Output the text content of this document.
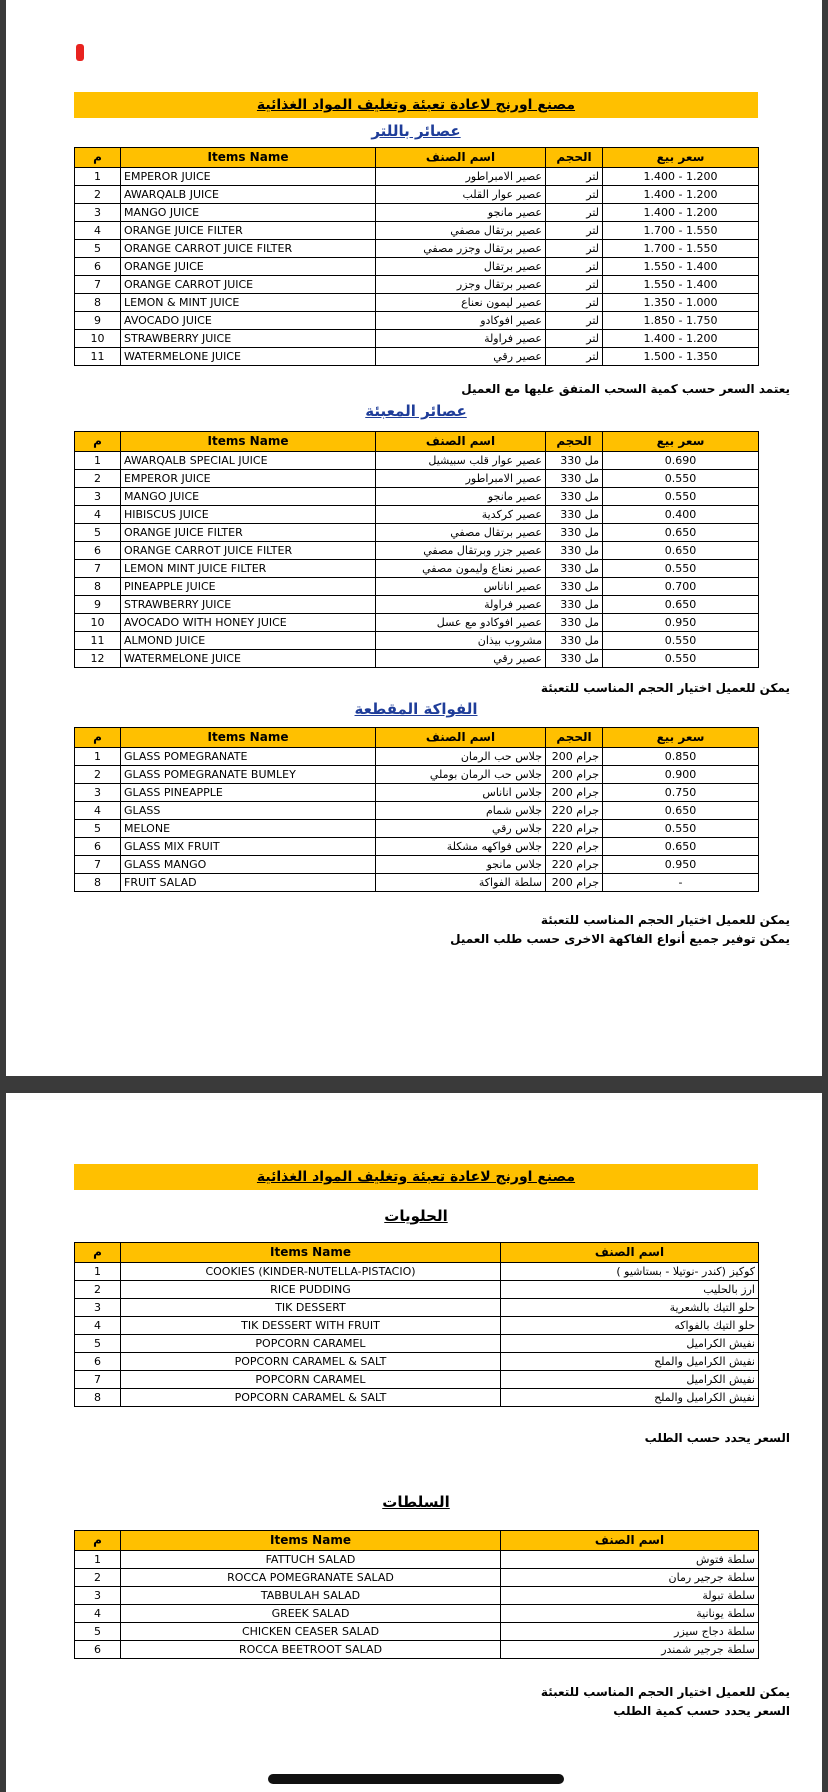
مصنع اورنج لاعادة تعبئة وتغليف المواد الغذائية
عصائر باللتر
م	Items Name	اسم الصنف	الحجم	سعر بيع
1	EMPEROR JUICE	عصير الامبراطور	لتر	1.400 - 1.200
2	AWARQALB JUICE	عصير عوار القلب	لتر	1.400 - 1.200
3	MANGO JUICE	عصير مانجو	لتر	1.400 - 1.200
4	ORANGE JUICE FILTER	عصير برتقال مصفي	لتر	1.700 - 1.550
5	ORANGE CARROT JUICE FILTER	عصير برتقال وجزر مصفي	لتر	1.700 - 1.550
6	ORANGE JUICE	عصير برتقال	لتر	1.550 - 1.400
7	ORANGE CARROT JUICE	عصير برتقال وجزر	لتر	1.550 - 1.400
8	LEMON & MINT JUICE	عصير ليمون نعناع	لتر	1.350 - 1.000
9	AVOCADO JUICE	عصير افوكادو	لتر	1.850 - 1.750
10	STRAWBERRY JUICE	عصير فراولة	لتر	1.400 - 1.200
11	WATERMELONE JUICE	عصير رقي	لتر	1.500 - 1.350
يعتمد السعر حسب كمية السحب المتفق عليها مع العميل
عصائر المعبئة
م	Items Name	اسم الصنف	الحجم	سعر بيع
1	AWARQALB SPECIAL JUICE	عصير عوار قلب سبيشيل	مل 330	0.690
2	EMPEROR JUICE	عصير الامبراطور	مل 330	0.550
3	MANGO JUICE	عصير مانجو	مل 330	0.550
4	HIBISCUS JUICE	عصير كركدية	مل 330	0.400
5	ORANGE JUICE FILTER	عصير برتقال مصفي	مل 330	0.650
6	ORANGE CARROT JUICE FILTER	عصير جزر وبرتقال مصفي	مل 330	0.650
7	LEMON MINT JUICE FILTER	عصير نعناع وليمون مصفي	مل 330	0.550
8	PINEAPPLE JUICE	عصير اناناس	مل 330	0.700
9	STRAWBERRY JUICE	عصير فراولة	مل 330	0.650
10	AVOCADO WITH HONEY JUICE	عصير افوكادو مع عسل	مل 330	0.950
11	ALMOND JUICE	مشروب بيذان	مل 330	0.550
12	WATERMELONE JUICE	عصير رقي	مل 330	0.550
يمكن للعميل اختيار الحجم المناسب للتعبئة
الفواكة المقطعة
م	Items Name	اسم الصنف	الحجم	سعر بيع
1	GLASS POMEGRANATE	جلاس حب الرمان	جرام 200	0.850
2	GLASS POMEGRANATE BUMLEY	جلاس حب الرمان بوملي	جرام 200	0.900
3	GLASS PINEAPPLE	جلاس اناناس	جرام 200	0.750
4	GLASS	جلاس شمام	جرام 220	0.650
5	MELONE	جلاس رقي	جرام 220	0.550
6	GLASS MIX FRUIT	جلاس فواكهه مشكلة	جرام 220	0.650
7	GLASS MANGO	جلاس مانجو	جرام 220	0.950
8	FRUIT SALAD	سلطة الفواكة	جرام 200	-
يمكن للعميل اختيار الحجم المناسب للتعبئة
يمكن توفير جميع أنواع الفاكهة الاخرى حسب طلب العميل
مصنع اورنج لاعادة تعبئة وتغليف المواد الغذائية
الحلويات
م	Items Name	اسم الصنف
1	COOKIES (KINDER-NUTELLA-PISTACIO)	كوكيز (كندر -نوتيلا - بستاشيو )
2	RICE PUDDING	ارز بالحليب
3	TIK DESSERT	حلو التيك بالشعرية
4	TIK DESSERT WITH FRUIT	حلو التيك بالفواكه
5	POPCORN CARAMEL	نفيش الكراميل
6	POPCORN CARAMEL & SALT	نفيش الكراميل والملح
7	POPCORN CARAMEL	نفيش الكراميل
8	POPCORN CARAMEL & SALT	نفيش الكراميل والملح
السعر يحدد حسب الطلب
السلطات
م	Items Name	اسم الصنف
1	FATTUCH SALAD	سلطة فتوش
2	ROCCA POMEGRANATE SALAD	سلطة جرجير رمان
3	TABBULAH SALAD	سلطة تبولة
4	GREEK SALAD	سلطة يونانية
5	CHICKEN CEASER SALAD	سلطة دجاج سيزر
6	ROCCA BEETROOT SALAD	سلطة جرجير شمندر
يمكن للعميل اختيار الحجم المناسب للتعبئة
السعر يحدد حسب كمية الطلب
